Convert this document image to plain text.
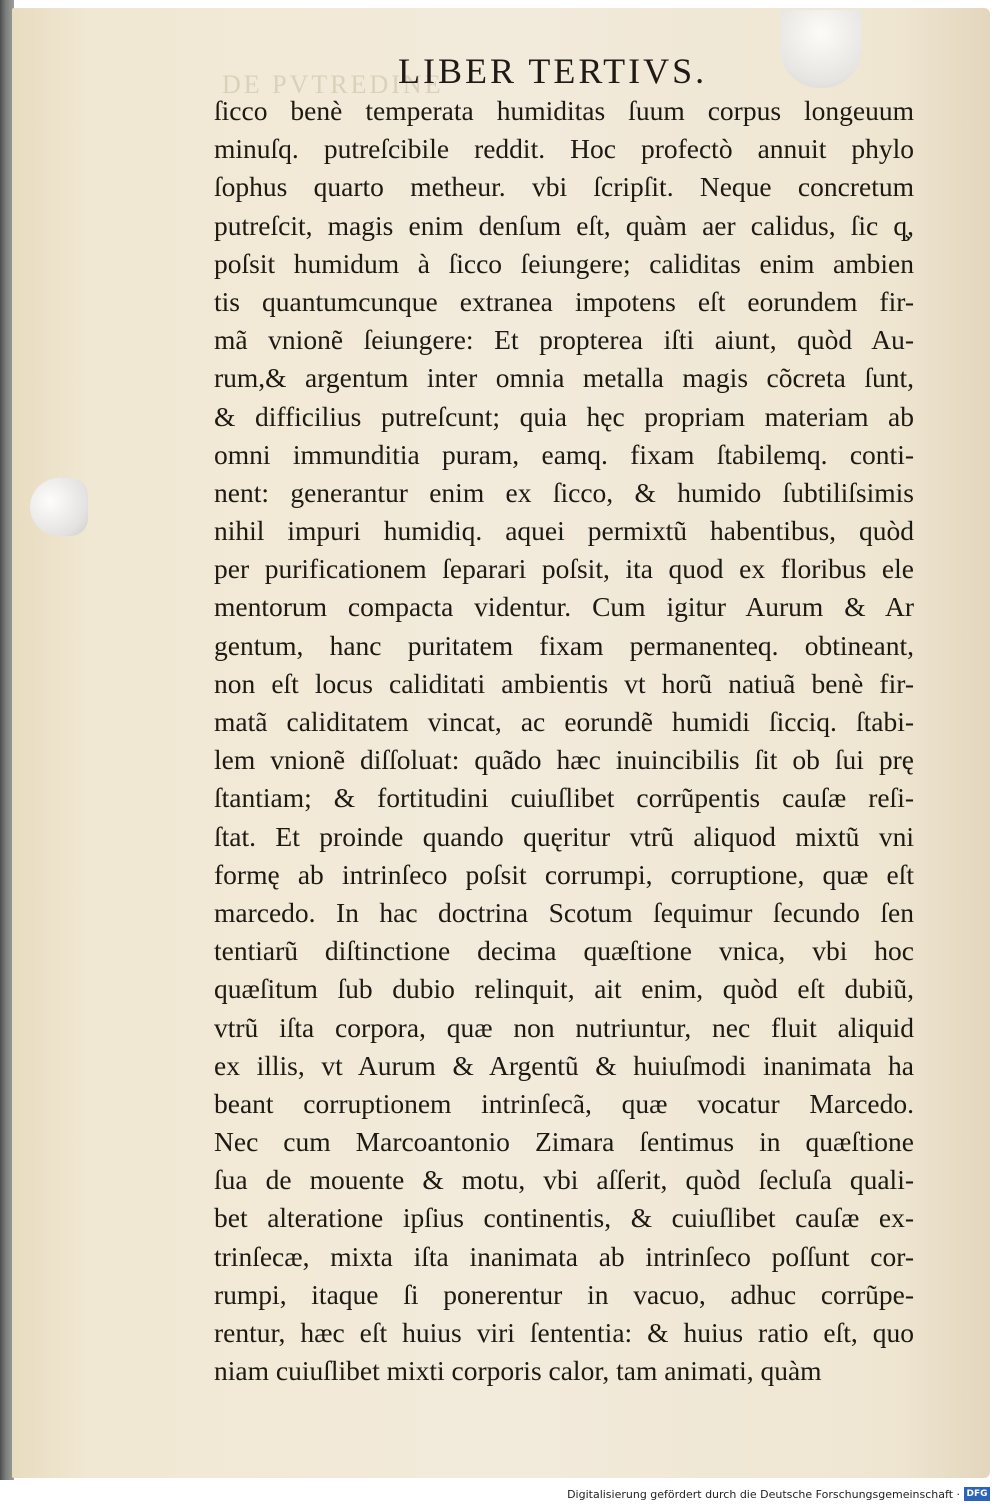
DE PVTREDINE
LIBER TERTIVS.
ſicco benè temperata humiditas ſuum corpus longeuum
minuſq. putreſcibile reddit. Hoc profectò annuit phylo
ſophus quarto metheur. vbi ſcripſit. Neque concretum
putreſcit, magis enim denſum eſt, quàm aer calidus, ſic q̧,
poſsit humidum à ſicco ſeiungere; caliditas enim ambien
tis quantumcunque extranea impotens eſt eorundem fir-
mã vnionẽ ſeiungere: Et propterea iſti aiunt, quòd Au-
rum,& argentum inter omnia metalla magis cõcreta ſunt,
& difficilius putreſcunt; quia hęc propriam materiam ab
omni immunditia puram, eamq. fixam ſtabilemq. conti-
nent: generantur enim ex ſicco, & humido ſubtiliſsimis
nihil impuri humidiq. aquei permixtũ habentibus, quòd
per purificationem ſeparari poſsit, ita quod ex floribus ele
mentorum compacta videntur. Cum igitur Aurum & Ar
gentum, hanc puritatem fixam permanenteq. obtineant,
non eſt locus caliditati ambientis vt horũ natiuã benè fir-
matã caliditatem vincat, ac eorundẽ humidi ſicciq. ſtabi-
lem vnionẽ diſſoluat: quãdo hæc inuincibilis ſit ob ſui prę
ſtantiam; & fortitudini cuiuſlibet corrũpentis cauſæ reſi-
ſtat. Et proinde quando quęritur vtrũ aliquod mixtũ vni
formę ab intrinſeco poſsit corrumpi, corruptione, quæ eſt
marcedo. In hac doctrina Scotum ſequimur ſecundo ſen
tentiarũ diſtinctione decima quæſtione vnica, vbi hoc
quæſitum ſub dubio relinquit, ait enim, quòd eſt dubiũ,
vtrũ iſta corpora, quæ non nutriuntur, nec fluit aliquid
ex illis, vt Aurum & Argentũ & huiuſmodi inanimata ha
beant corruptionem intrinſecã, quæ vocatur Marcedo.
Nec cum Marcoantonio Zimara ſentimus in quæſtione
ſua de mouente & motu, vbi aſſerit, quòd ſecluſa quali-
bet alteratione ipſius continentis, & cuiuſlibet cauſæ ex-
trinſecæ, mixta iſta inanimata ab intrinſeco poſſunt cor-
rumpi, itaque ſi ponerentur in vacuo, adhuc corrũpe-
rentur, hæc eſt huius viri ſententia: & huius ratio eſt, quo
niam cuiuſlibet mixti corporis calor, tam animati, quàm
Digitalisierung gefördert durch die Deutsche Forschungsgemeinschaft · DFG
